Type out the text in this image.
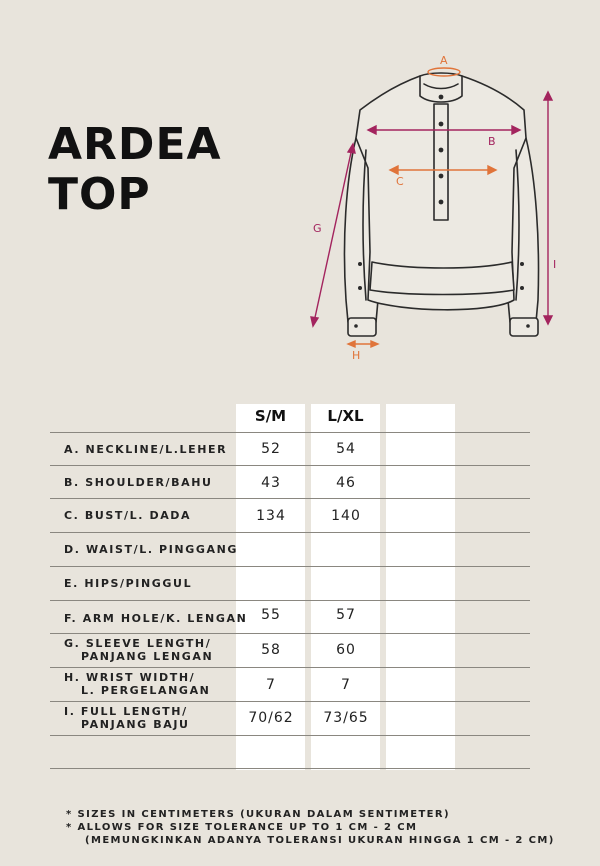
ARDEA
TOP
A
B
C
G
H
I
S/M	L/XL
A. NECKLINE/L.LEHER
B. SHOULDER/BAHU
C. BUST/L. DADA
D. WAIST/L. PINGGANG
E. HIPS/PINGGUL
F. ARM HOLE/K. LENGAN
G. SLEEVE LENGTH/
PANJANG LENGAN
H. WRIST WIDTH/
L. PERGELANGAN
I. FULL LENGTH/
PANJANG BAJU
52
43
134
55
58
7
70/62
54
46
140
57
60
7
73/65
* SIZES IN CENTIMETERS (UKURAN DALAM SENTIMETER)
* ALLOWS FOR SIZE TOLERANCE UP TO 1 CM - 2 CM
(MEMUNGKINKAN ADANYA TOLERANSI UKURAN HINGGA 1 CM - 2 CM)
